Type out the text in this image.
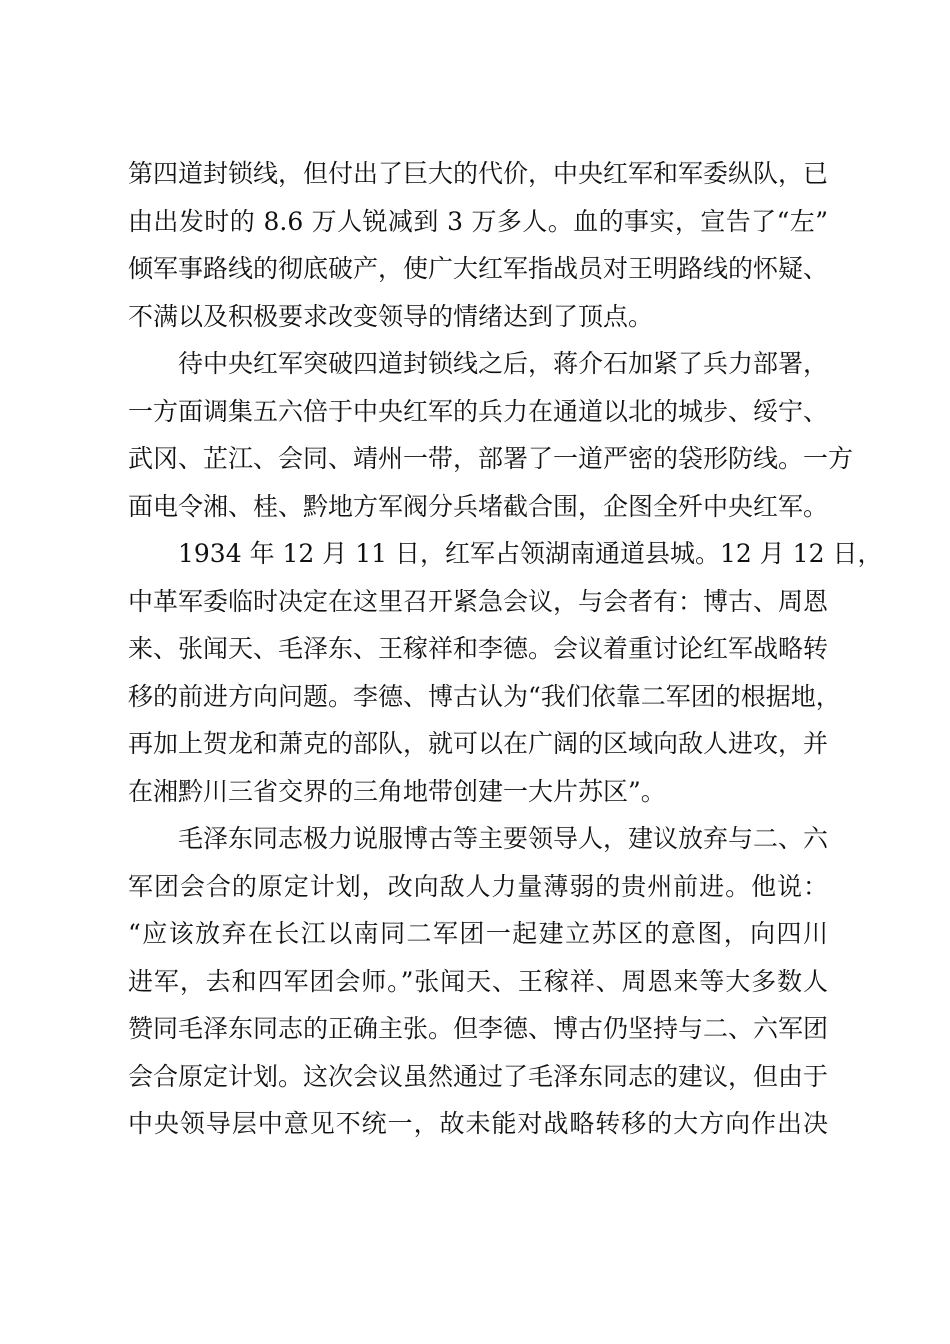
第四道封锁线，但付出了巨大的代价，中央红军和军委纵队，已
由出发时的 8.6 万人锐减到 3 万多人。血的事实，宣告了“左”
倾军事路线的彻底破产，使广大红军指战员对王明路线的怀疑、
不满以及积极要求改变领导的情绪达到了顶点。
待中央红军突破四道封锁线之后，蒋介石加紧了兵力部署，
一方面调集五六倍于中央红军的兵力在通道以北的城步、绥宁、
武冈、芷江、会同、靖州一带，部署了一道严密的袋形防线。一方
面电令湘、桂、黔地方军阀分兵堵截合围，企图全歼中央红军。
1934 年 12 月 11 日，红军占领湖南通道县城。12 月 12 日，
中革军委临时决定在这里召开紧急会议，与会者有：博古、周恩
来、张闻天、毛泽东、王稼祥和李德。会议着重讨论红军战略转
移的前进方向问题。李德、博古认为“我们依靠二军团的根据地，
再加上贺龙和萧克的部队，就可以在广阔的区域向敌人进攻，并
在湘黔川三省交界的三角地带创建一大片苏区”。
毛泽东同志极力说服博古等主要领导人，建议放弃与二、六
军团会合的原定计划，改向敌人力量薄弱的贵州前进。他说：
“应该放弃在长江以南同二军团一起建立苏区的意图，向四川
进军，去和四军团会师。”张闻天、王稼祥、周恩来等大多数人
赞同毛泽东同志的正确主张。但李德、博古仍坚持与二、六军团
会合原定计划。这次会议虽然通过了毛泽东同志的建议，但由于
中央领导层中意见不统一，故未能对战略转移的大方向作出决
